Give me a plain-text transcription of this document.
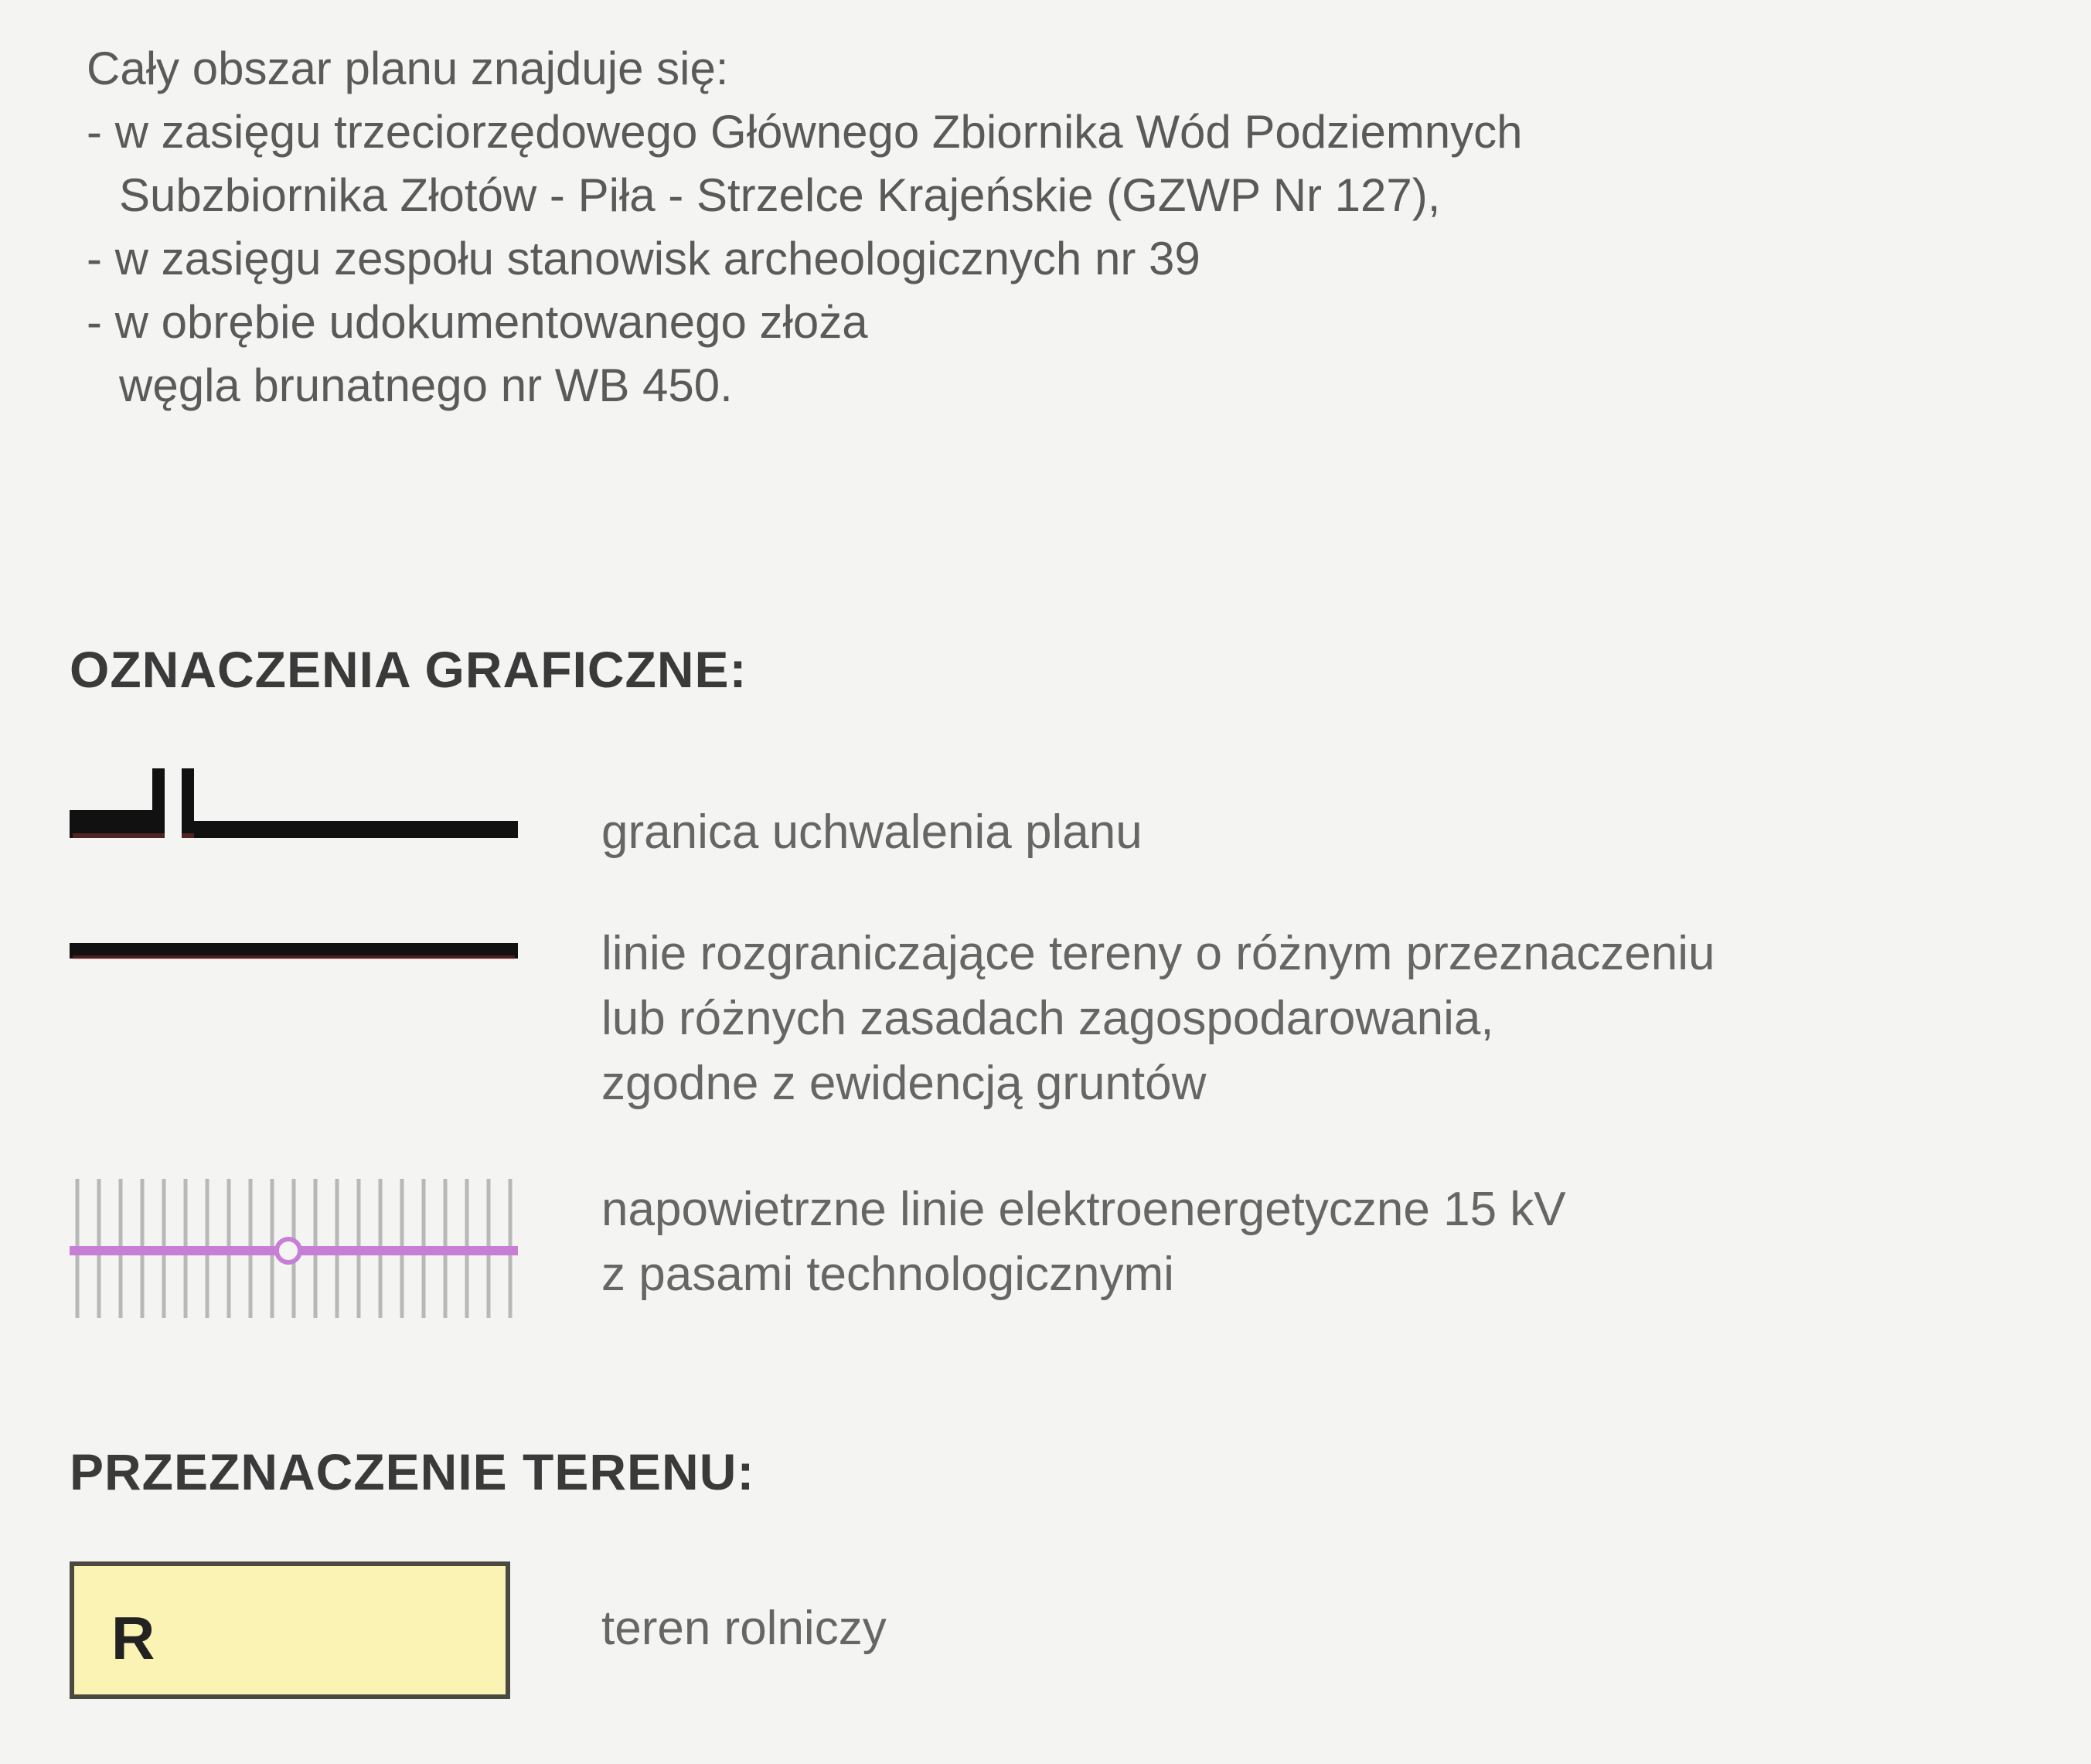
Cały obszar planu znajduje się:
- w zasięgu trzeciorzędowego Głównego Zbiornika Wód Podziemnych
Subzbiornika Złotów - Piła - Strzelce Krajeńskie (GZWP Nr 127),
- w zasięgu zespołu stanowisk archeologicznych nr 39
- w obrębie udokumentowanego złoża
węgla brunatnego nr WB 450.
OZNACZENIA GRAFICZNE:
granica uchwalenia planu
linie rozgraniczające tereny o różnym przeznaczeniu
lub różnych zasadach zagospodarowania,
zgodne z ewidencją gruntów
napowietrzne linie elektroenergetyczne 15 kV
z pasami technologicznymi
PRZEZNACZENIE TERENU:
R	teren rolniczy
